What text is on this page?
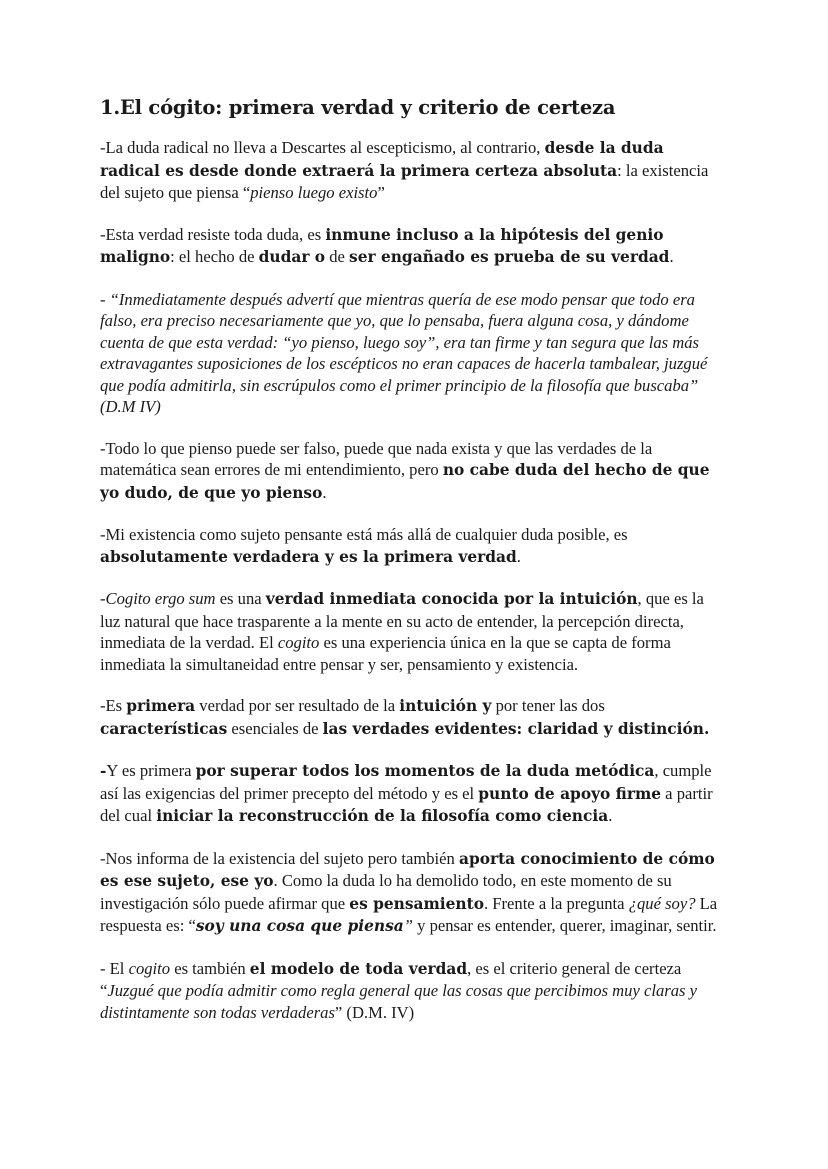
1.El cógito: primera verdad y criterio de certeza

-La duda radical no lleva a Descartes al escepticismo, al contrario, desde la duda radical es desde donde extraerá la primera certeza absoluta: la existencia del sujeto que piensa “pienso luego existo”

-Esta verdad resiste toda duda, es inmune incluso a la hipótesis del genio maligno: el hecho de dudar o de ser engañado es prueba de su verdad.

- “Inmediatamente después advertí que mientras quería de ese modo pensar que todo era falso, era preciso necesariamente que yo, que lo pensaba, fuera alguna cosa, y dándome cuenta de que esta verdad: “yo pienso, luego soy”, era tan firme y tan segura que las más extravagantes suposiciones de los escépticos no eran capaces de hacerla tambalear, juzgué que podía admitirla, sin escrúpulos como el primer principio de la filosofía que buscaba” (D.M IV)

-Todo lo que pienso puede ser falso, puede que nada exista y que las verdades de la matemática sean errores de mi entendimiento, pero no cabe duda del hecho de que yo dudo, de que yo pienso.

-Mi existencia como sujeto pensante está más allá de cualquier duda posible, es absolutamente verdadera y es la primera verdad.

-Cogito ergo sum es una verdad inmediata conocida por la intuición, que es la luz natural que hace trasparente a la mente en su acto de entender, la percepción directa, inmediata de la verdad. El cogito es una experiencia única en la que se capta de forma inmediata la simultaneidad entre pensar y ser, pensamiento y existencia.

-Es primera verdad por ser resultado de la intuición y por tener las dos características esenciales de las verdades evidentes: claridad y distinción.

-Y es primera por superar todos los momentos de la duda metódica, cumple así las exigencias del primer precepto del método y es el punto de apoyo firme a partir del cual iniciar la reconstrucción de la filosofía como ciencia.

-Nos informa de la existencia del sujeto pero también aporta conocimiento de cómo es ese sujeto, ese yo. Como la duda lo ha demolido todo, en este momento de su investigación sólo puede afirmar que es pensamiento. Frente a la pregunta ¿qué soy? La respuesta es: “soy una cosa que piensa” y pensar es entender, querer, imaginar, sentir.

- El cogito es también el modelo de toda verdad, es el criterio general de certeza “Juzgué que podía admitir como regla general que las cosas que percibimos muy claras y distintamente son todas verdaderas” (D.M. IV)
